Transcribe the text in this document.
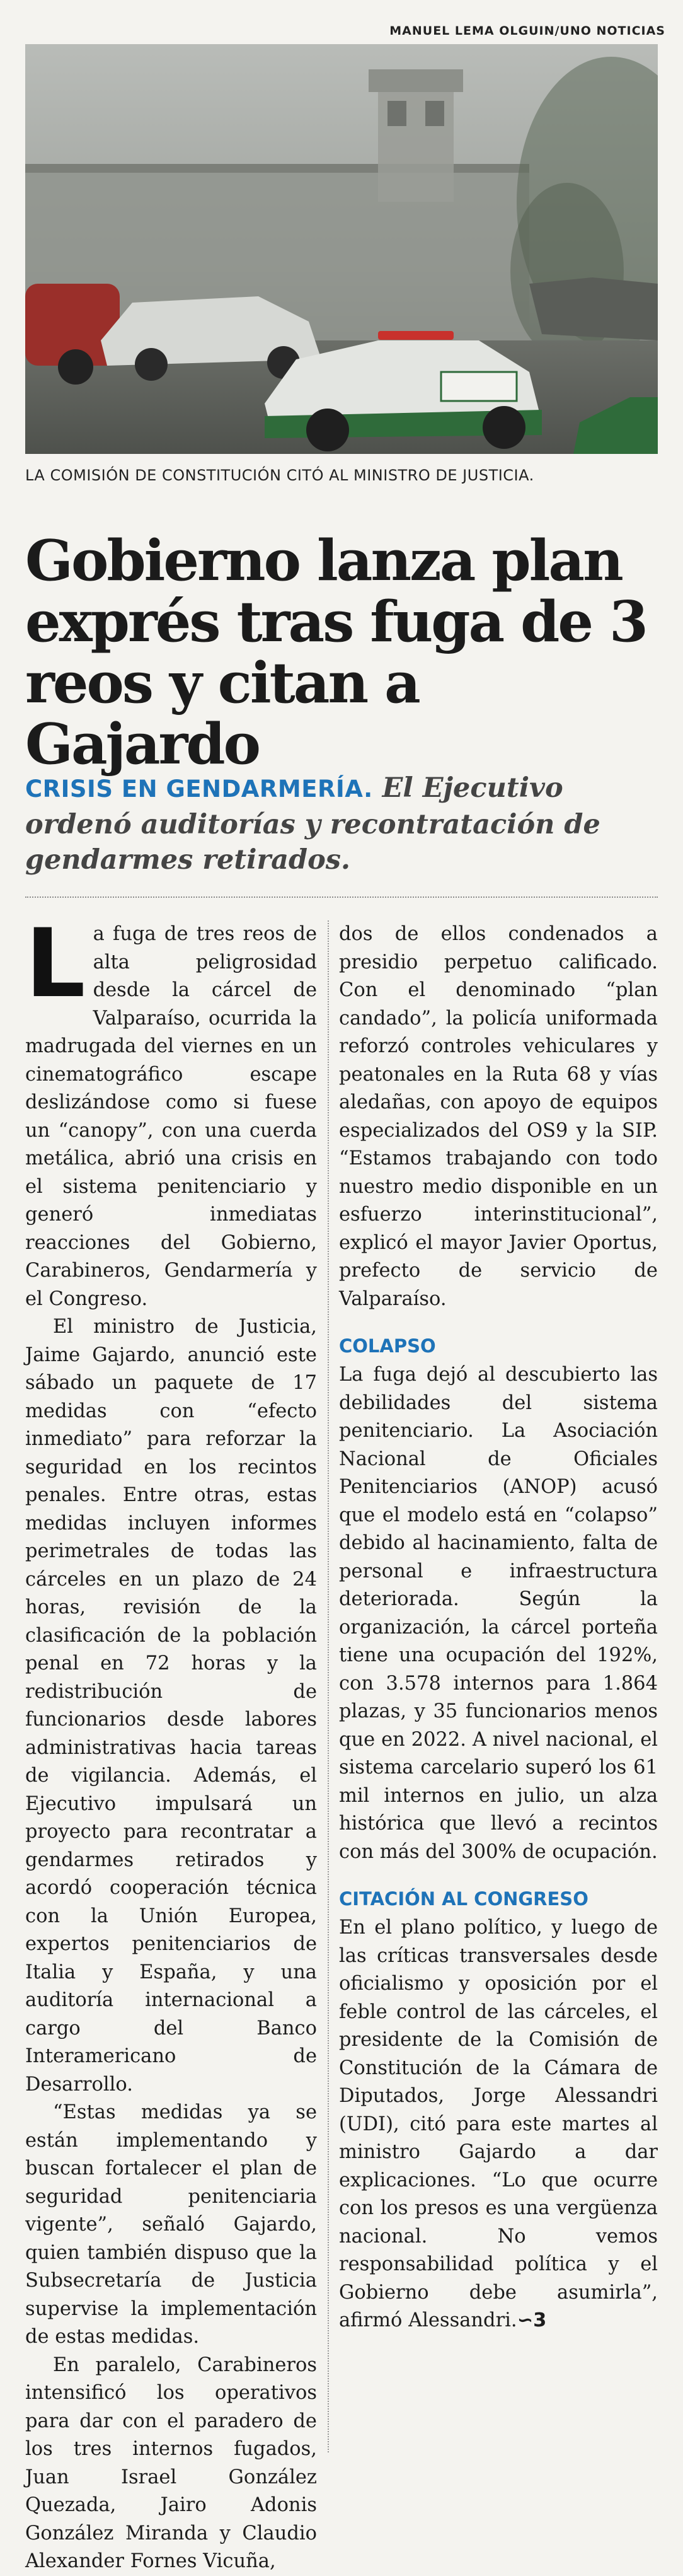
MANUEL LEMA OLGUIN/UNO NOTICIAS
LA COMISIÓN DE CONSTITUCIÓN CITÓ AL MINISTRO DE JUSTICIA.
Gobierno lanza plan exprés tras fuga de 3 reos y citan a Gajardo
CRISIS EN GENDARMERÍA. El Ejecutivo ordenó auditorías y recontratación de gendarmes retirados.

La fuga de tres reos de alta peligrosidad desde la cárcel de Valparaíso, ocurrida la madrugada del viernes en un cinematográfico escape deslizándose como si fuese un “canopy”, con una cuerda metálica, abrió una crisis en el sistema penitenciario y generó inmediatas reacciones del Gobierno, Carabineros, Gendarmería y el Congreso.

El ministro de Justicia, Jaime Gajardo, anunció este sábado un paquete de 17 medidas con “efecto inmediato” para reforzar la seguridad en los recintos penales. Entre otras, estas medidas incluyen informes perimetrales de todas las cárceles en un plazo de 24 horas, revisión de la clasificación de la población penal en 72 horas y la redistribución de funcionarios desde labores administrativas hacia tareas de vigilancia. Además, el Ejecutivo impulsará un proyecto para recontratar a gendarmes retirados y acordó cooperación técnica con la Unión Europea, expertos penitenciarios de Italia y España, y una auditoría internacional a cargo del Banco Interamericano de Desarrollo.

“Estas medidas ya se están implementando y buscan fortalecer el plan de seguridad penitenciaria vigente”, señaló Gajardo, quien también dispuso que la Subsecretaría de Justicia supervise la implementación de estas medidas.

En paralelo, Carabineros intensificó los operativos para dar con el paradero de los tres internos fugados, Juan Israel González Quezada, Jairo Adonis González Miranda y Claudio Alexander Fornes Vicuña,

dos de ellos condenados a presidio perpetuo calificado. Con el denominado “plan candado”, la policía uniformada reforzó controles vehiculares y peatonales en la Ruta 68 y vías aledañas, con apoyo de equipos especializados del OS9 y la SIP. “Estamos trabajando con todo nuestro medio disponible en un esfuerzo interinstitucional”, explicó el mayor Javier Oportus, prefecto de servicio de Valparaíso.

COLAPSO

La fuga dejó al descubierto las debilidades del sistema penitenciario. La Asociación Nacional de Oficiales Penitenciarios (ANOP) acusó que el modelo está en “colapso” debido al hacinamiento, falta de personal e infraestructura deteriorada. Según la organización, la cárcel porteña tiene una ocupación del 192%, con 3.578 internos para 1.864 plazas, y 35 funcionarios menos que en 2022. A nivel nacional, el sistema carcelario superó los 61 mil internos en julio, un alza histórica que llevó a recintos con más del 300% de ocupación.

CITACIÓN AL CONGRESO

En el plano político, y luego de las críticas transversales desde oficialismo y oposición por el feble control de las cárceles, el presidente de la Comisión de Constitución de la Cámara de Diputados, Jorge Alessandri (UDI), citó para este martes al ministro Gajardo a dar explicaciones. “Lo que ocurre con los presos es una vergüenza nacional. No vemos responsabilidad política y el Gobierno debe asumirla”, afirmó Alessandri.∽3
